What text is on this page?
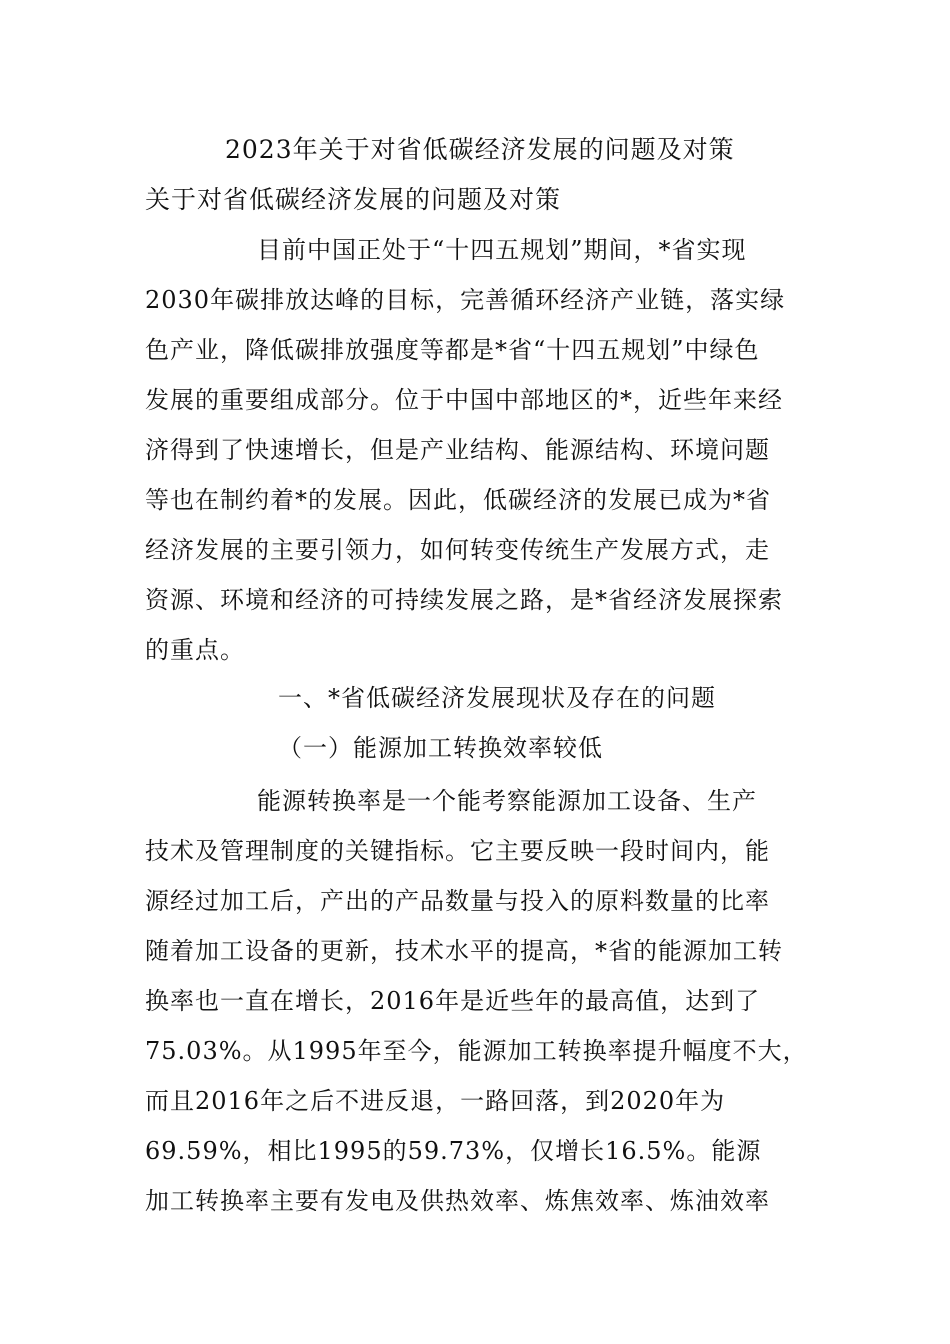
2023年关于对省低碳经济发展的问题及对策
关于对省低碳经济发展的问题及对策
目前中国正处于“十四五规划”期间，*省实现
2030年碳排放达峰的目标，完善循环经济产业链，落实绿
色产业，降低碳排放强度等都是*省“十四五规划”中绿色
发展的重要组成部分。位于中国中部地区的*，近些年来经
济得到了快速增长，但是产业结构、能源结构、环境问题
等也在制约着*的发展。因此，低碳经济的发展已成为*省
经济发展的主要引领力，如何转变传统生产发展方式，走
资源、环境和经济的可持续发展之路，是*省经济发展探索
的重点。
一、*省低碳经济发展现状及存在的问题
（一）能源加工转换效率较低
能源转换率是一个能考察能源加工设备、生产
技术及管理制度的关键指标。它主要反映一段时间内，能
源经过加工后，产出的产品数量与投入的原料数量的比率
随着加工设备的更新，技术水平的提高，*省的能源加工转
换率也一直在增长，2016年是近些年的最高值，达到了
75.03%。从1995年至今，能源加工转换率提升幅度不大，
而且2016年之后不进反退，一路回落，到2020年为
69.59%，相比1995的59.73%，仅增长16.5%。能源
加工转换率主要有发电及供热效率、炼焦效率、炼油效率
